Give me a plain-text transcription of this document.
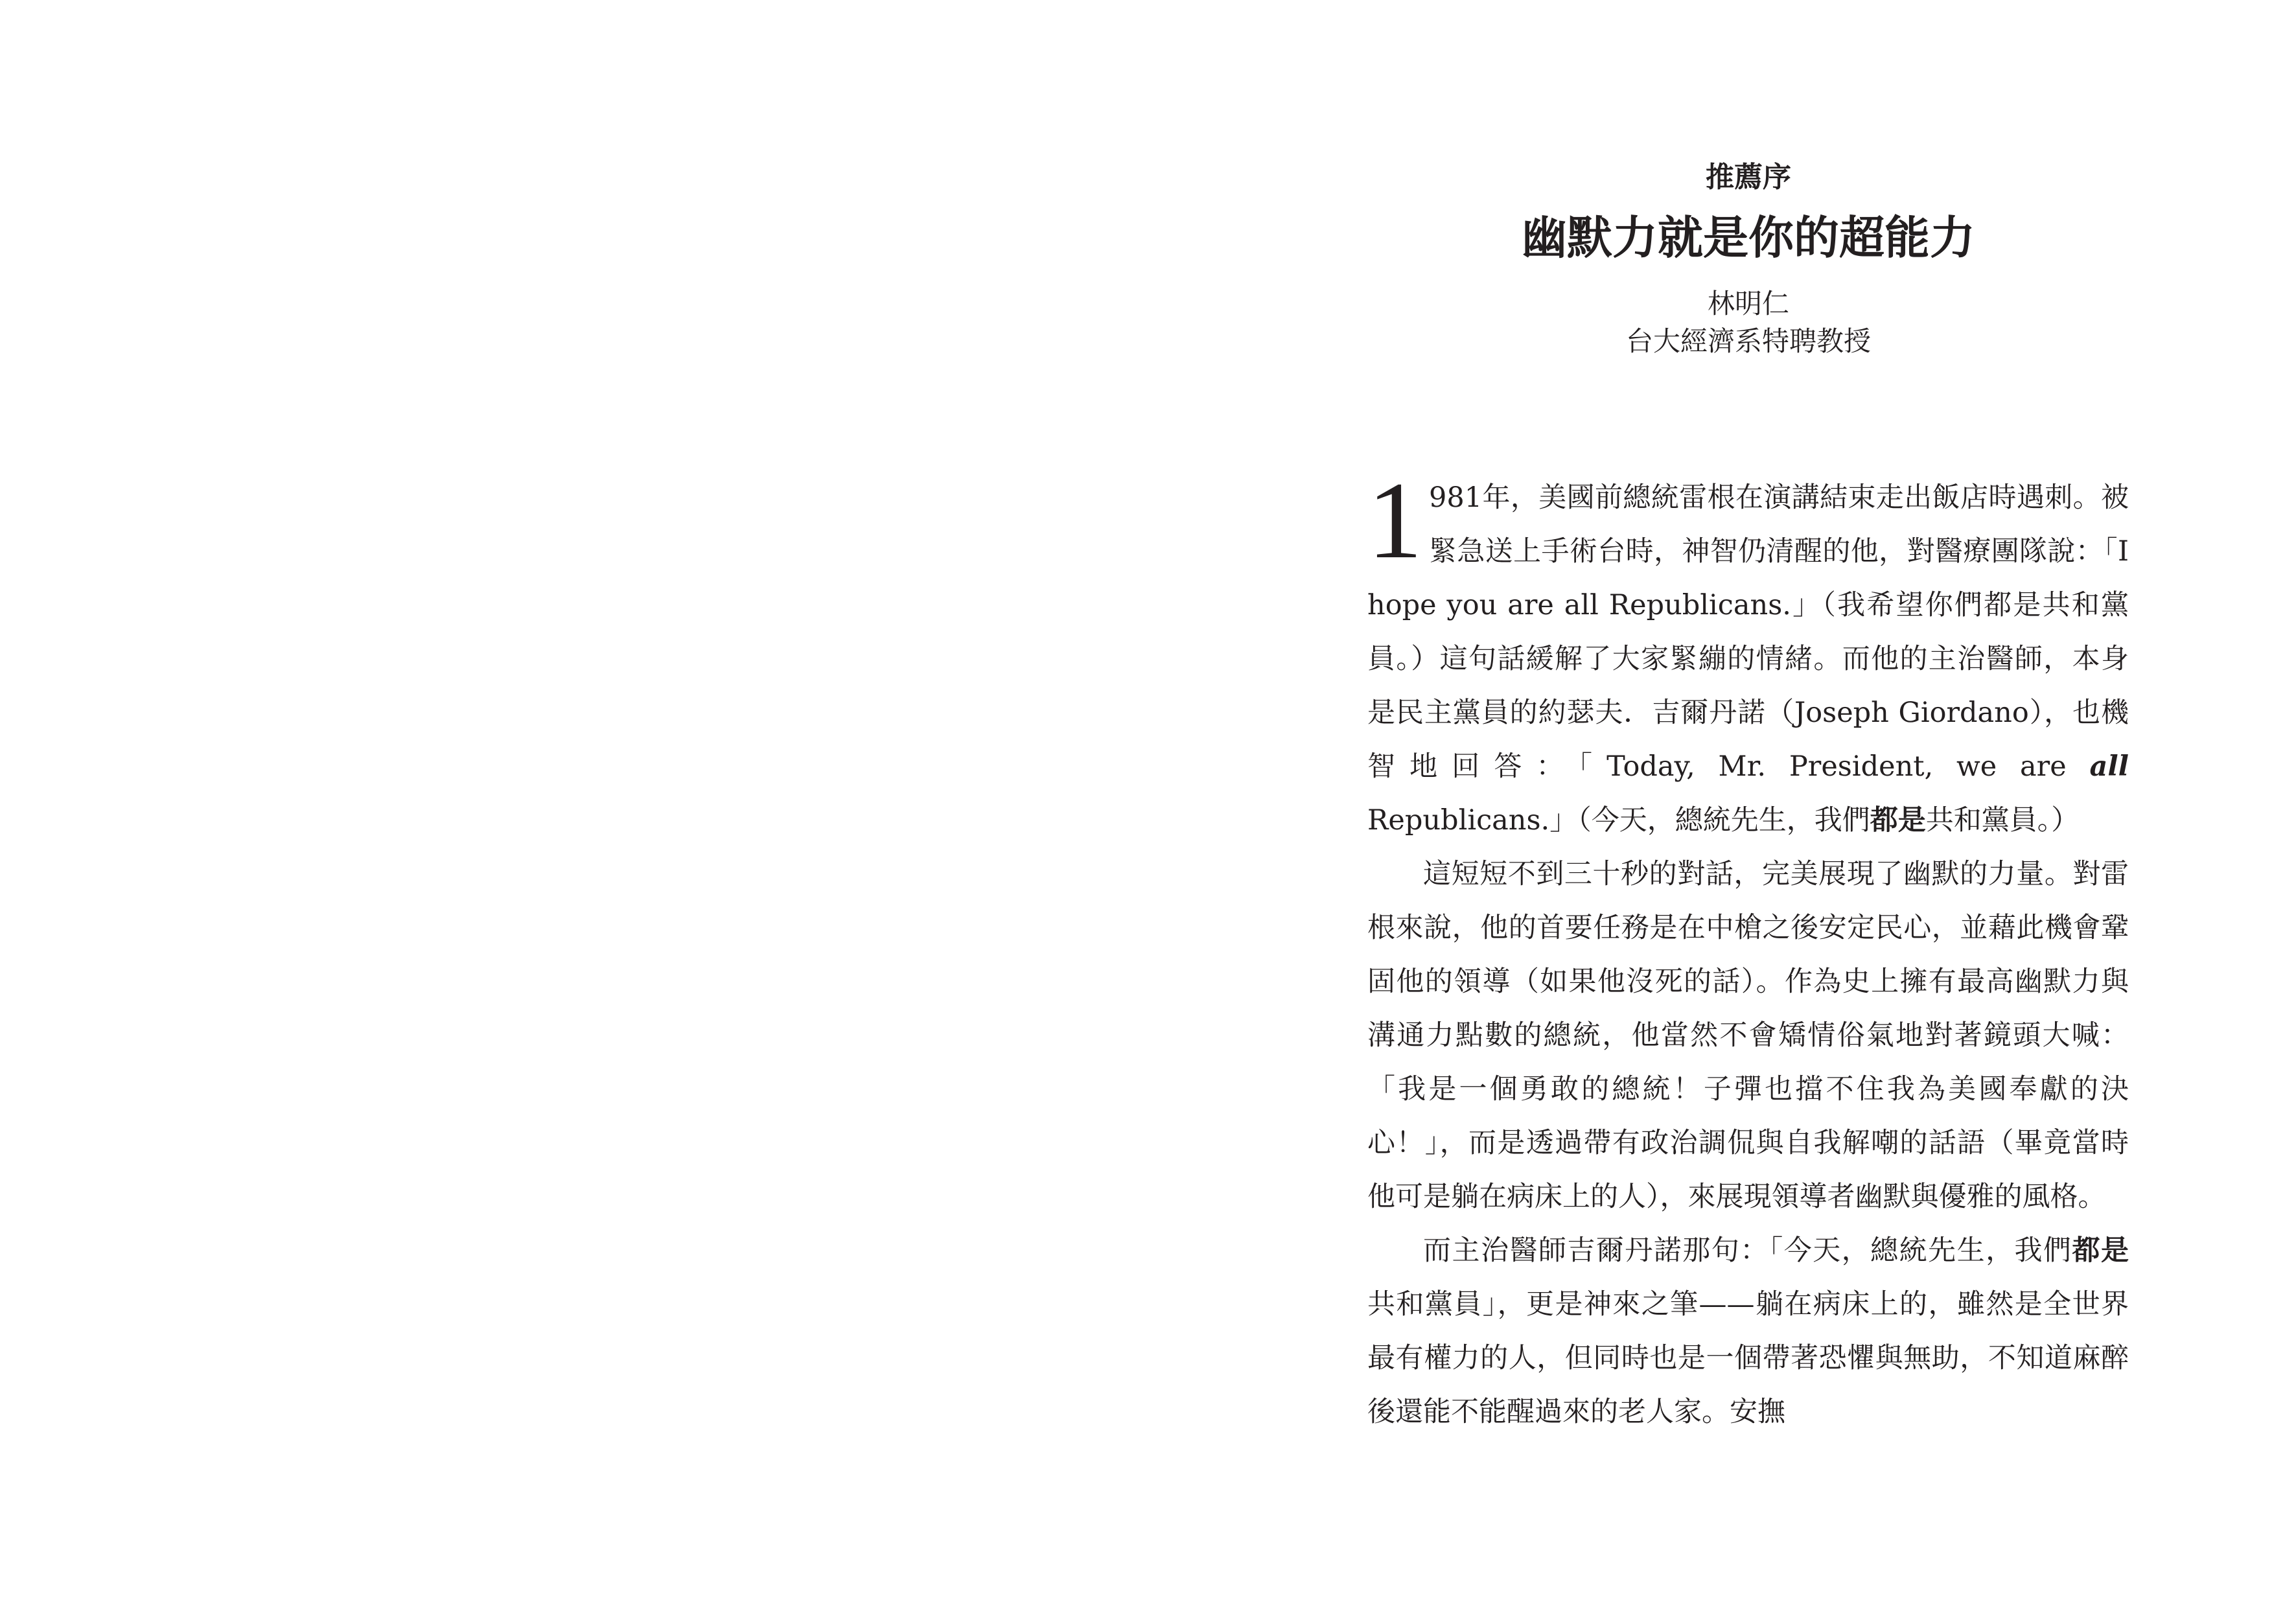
推薦序
幽默力就是你的超能力
林明仁
台大經濟系特聘教授

1 981年，美國前總統雷根在演講結束走出飯店時遇刺。被緊急送上手術台時，神智仍清醒的他，對醫療團隊說：「I hope you are all Republicans.」（我希望你們都是共和黨員。）這句話緩解了大家緊繃的情緒。而他的主治醫師，本身是民主黨員的約瑟夫．吉爾丹諾（Joseph Giordano），也機智地回答：「Today, Mr. President, we are all Republicans.」（今天，總統先生，我們都是共和黨員。）

這短短不到三十秒的對話，完美展現了幽默的力量。對雷根來說，他的首要任務是在中槍之後安定民心，並藉此機會鞏固他的領導（如果他沒死的話）。作為史上擁有最高幽默力與溝通力點數的總統，他當然不會矯情俗氣地對著鏡頭大喊：「我是一個勇敢的總統！子彈也擋不住我為美國奉獻的決心！」，而是透過帶有政治調侃與自我解嘲的話語（畢竟當時他可是躺在病床上的人），來展現領導者幽默與優雅的風格。

而主治醫師吉爾丹諾那句：「今天，總統先生，我們都是共和黨員」，更是神來之筆——躺在病床上的，雖然是全世界最有權力的人，但同時也是一個帶著恐懼與無助，不知道麻醉後還能不能醒過來的老人家。安撫
